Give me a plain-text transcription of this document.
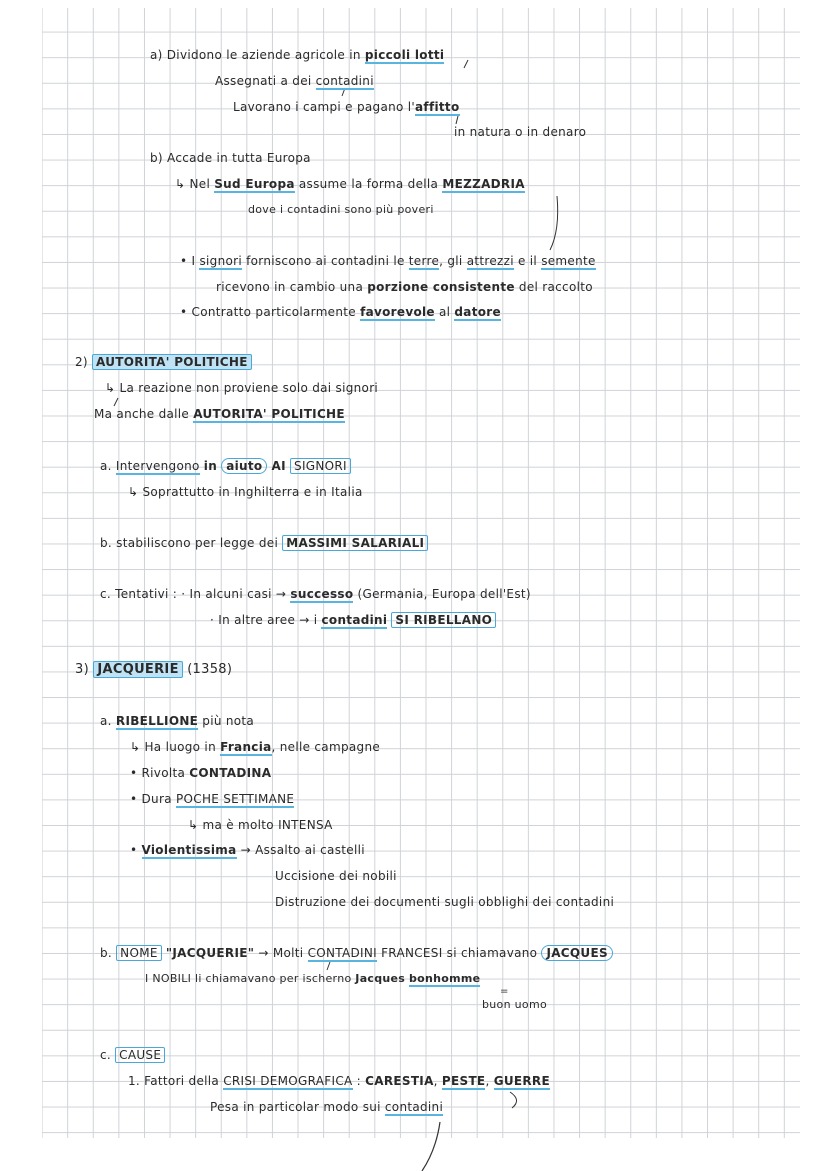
a) Dividono le aziende agricole in piccoli lotti
Assegnati a dei contadini
Lavorano i campi e pagano l'affitto
in natura o in denaro
b) Accade in tutta Europa
↳ Nel Sud Europa assume la forma della MEZZADRIA
dove i contadini sono più poveri
• I signori forniscono ai contadini le terre, gli attrezzi e il semente
ricevono in cambio una porzione consistente del raccolto
• Contratto particolarmente favorevole al datore
2) AUTORITA' POLITICHE
↳ La reazione non proviene solo dai signori
Ma anche dalle AUTORITA' POLITICHE
a. Intervengono in aiuto AI SIGNORI
↳ Soprattutto in Inghilterra e in Italia
b. stabiliscono per legge dei MASSIMI SALARIALI
c. Tentativi : · In alcuni casi → successo (Germania, Europa dell'Est)
· In altre aree → i contadini SI RIBELLANO
3) JACQUERIE (1358)
a. RIBELLIONE più nota
↳ Ha luogo in Francia, nelle campagne
• Rivolta CONTADINA
• Dura POCHE SETTIMANE
↳ ma è molto INTENSA
• Violentissima → Assalto ai castelli
Uccisione dei nobili
Distruzione dei documenti sugli obblighi dei contadini
b. NOME "JACQUERIE" → Molti CONTADINI FRANCESI si chiamavano JACQUES
I NOBILI li chiamavano per ischerno Jacques bonhomme
=
buon uomo
c. CAUSE
1. Fattori della CRISI DEMOGRAFICA : CARESTIA, PESTE, GUERRE
Pesa in particolar modo sui contadini
